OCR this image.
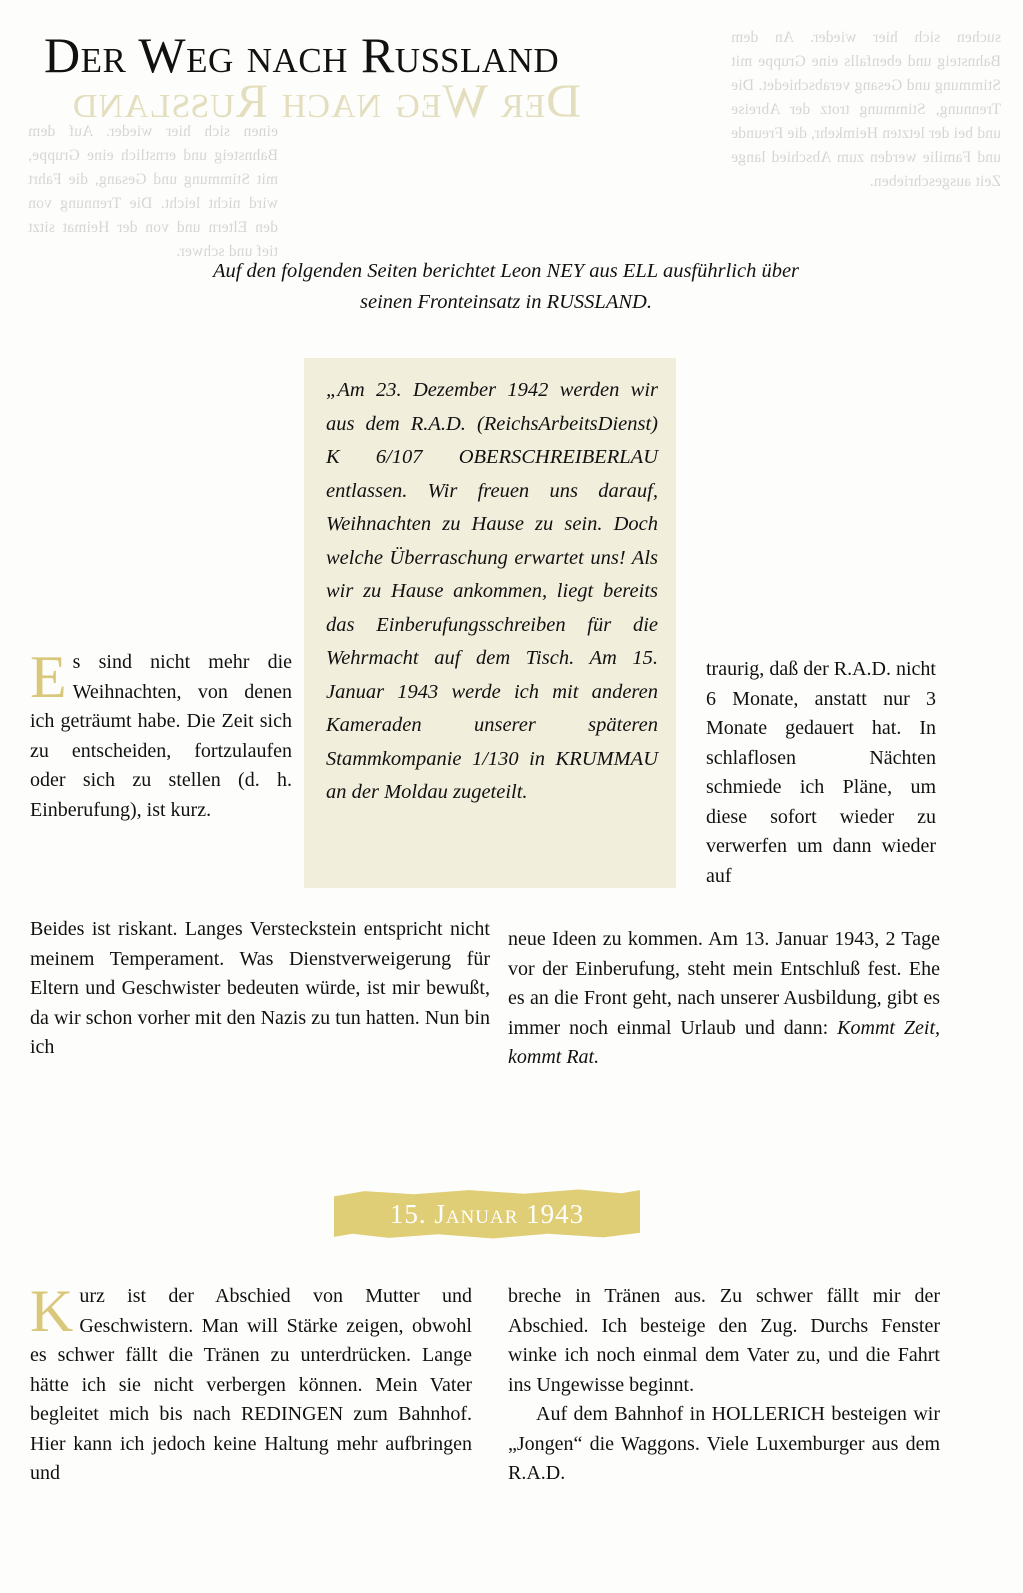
Der Weg nach Rußland
einen sich hier wieder. Auf dem Bahnsteig und ernstlich eine Gruppe, mit Stimmung und Gesang, die Fahrt wird nicht leicht. Die Trennung von den Eltern und von der Heimat sitzt tief und schwer.
suchen sich hier wieder. An dem Bahnsteig und ebenfalls eine Gruppe mit Stimmung und Gesang verabschiedet. Die Trennung, Stimmung trotz der Abreise und bei der letzten Heimkehr, die Freunde und Familie werden zum Abschied lange Zeit ausgeschrieben.
Der Weg nach Rußland
Auf den folgenden Seiten berichtet Leon NEY aus ELL ausführlich über seinen Fronteinsatz in RUSSLAND.

„Am 23. Dezember 1942 werden wir aus dem R.A.D. (ReichsArbeitsDienst) K 6/107 OBERSCHREIBERLAU entlassen. Wir freuen uns darauf, Weihnachten zu Hause zu sein. Doch welche Überraschung erwartet uns! Als wir zu Hause ankommen, liegt bereits das Einberufungsschreiben für die Wehrmacht auf dem Tisch. Am 15. Januar 1943 werde ich mit anderen Kameraden unserer späteren Stammkompanie 1/130 in KRUMMAU an der Moldau zugeteilt.

Es sind nicht mehr die Weihnachten, von denen ich geträumt habe. Die Zeit sich zu entscheiden, fortzulaufen oder sich zu stellen (d. h. Einberufung), ist kurz.

Beides ist riskant. Langes Versteckstein entspricht nicht meinem Temperament. Was Dienstverweigerung für Eltern und Geschwister bedeuten würde, ist mir bewußt, da wir schon vorher mit den Nazis zu tun hatten. Nun bin ich

traurig, daß der R.A.D. nicht 6 Monate, anstatt nur 3 Monate gedauert hat. In schlaflosen Nächten schmiede ich Pläne, um diese sofort wieder zu verwerfen um dann wieder auf

neue Ideen zu kommen. Am 13. Januar 1943, 2 Tage vor der Einberufung, steht mein Entschluß fest. Ehe es an die Front geht, nach unserer Ausbildung, gibt es immer noch einmal Urlaub und dann: Kommt Zeit, kommt Rat.

15. Januar 1943

Kurz ist der Abschied von Mutter und Geschwistern. Man will Stärke zeigen, obwohl es schwer fällt die Tränen zu unterdrücken. Lange hätte ich sie nicht verbergen können. Mein Vater begleitet mich bis nach REDINGEN zum Bahnhof. Hier kann ich jedoch keine Haltung mehr aufbringen und

breche in Tränen aus. Zu schwer fällt mir der Abschied. Ich besteige den Zug. Durchs Fenster winke ich noch einmal dem Vater zu, und die Fahrt ins Ungewisse beginnt.

Auf dem Bahnhof in HOLLERICH besteigen wir „Jongen“ die Waggons. Viele Luxemburger aus dem R.A.D.
